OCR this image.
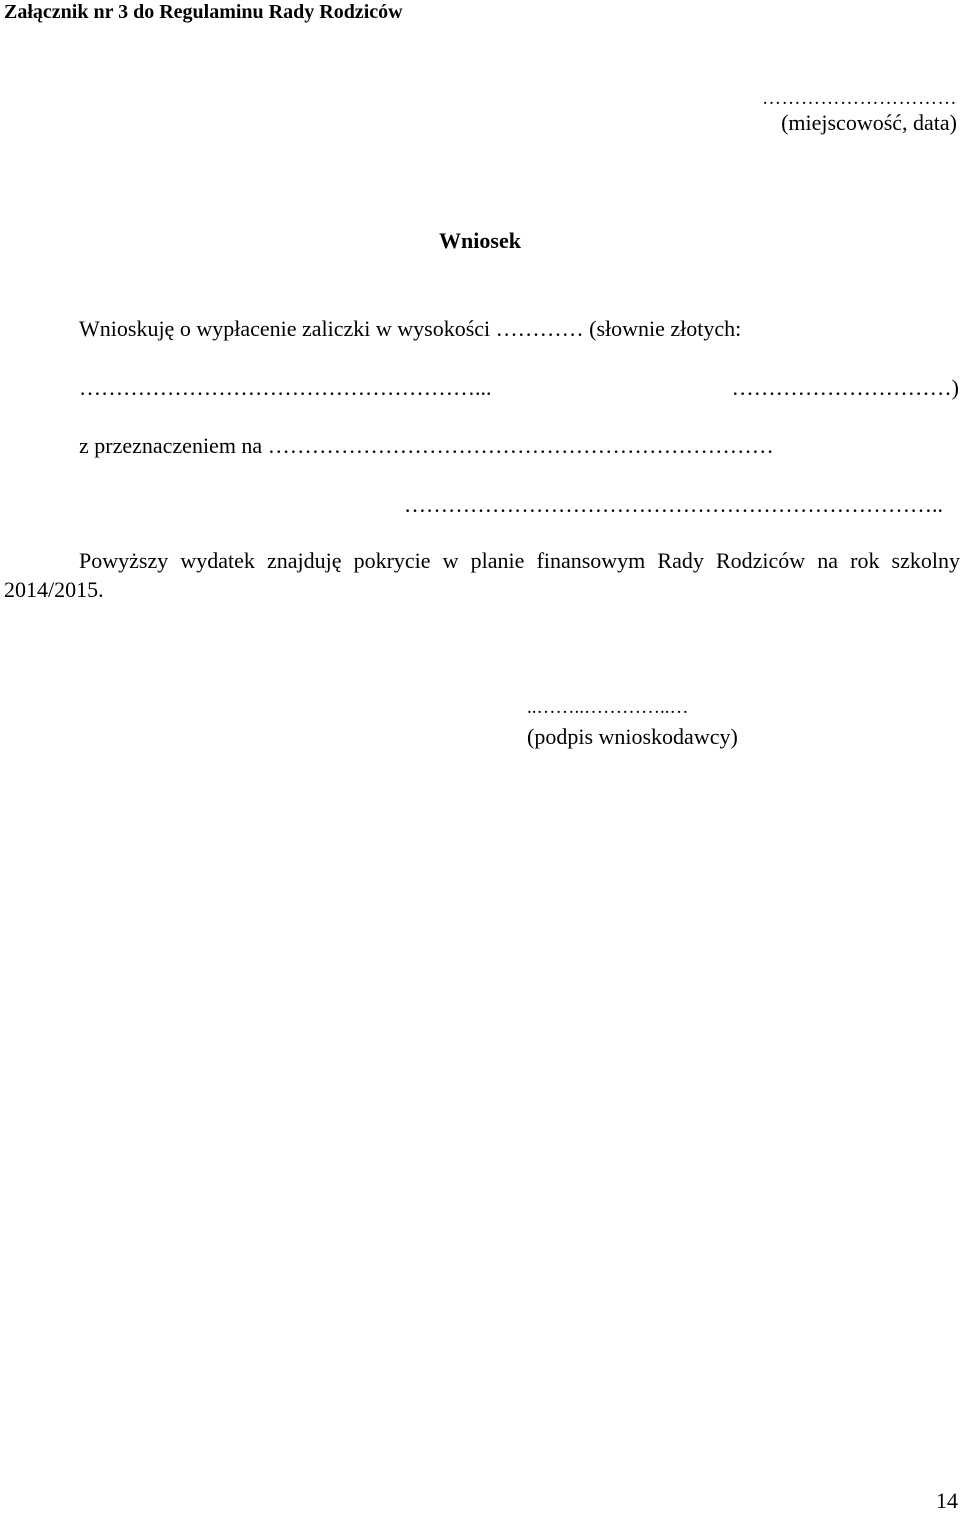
Załącznik nr 3 do Regulaminu Rady Rodziców
…………………………
(miejscowość, data)
Wniosek
Wnioskuję o wypłacenie zaliczki w wysokości ………… (słownie złotych:
………………………………………………...	…………………………)
z przeznaczeniem na ……………………………………………………………
………………………………………………………………..

Powyższy wydatek znajduję pokrycie w planie finansowym Rady Rodziców na rok szkolny 2014/2015.

..……..…………..…
(podpis wnioskodawcy)
14
